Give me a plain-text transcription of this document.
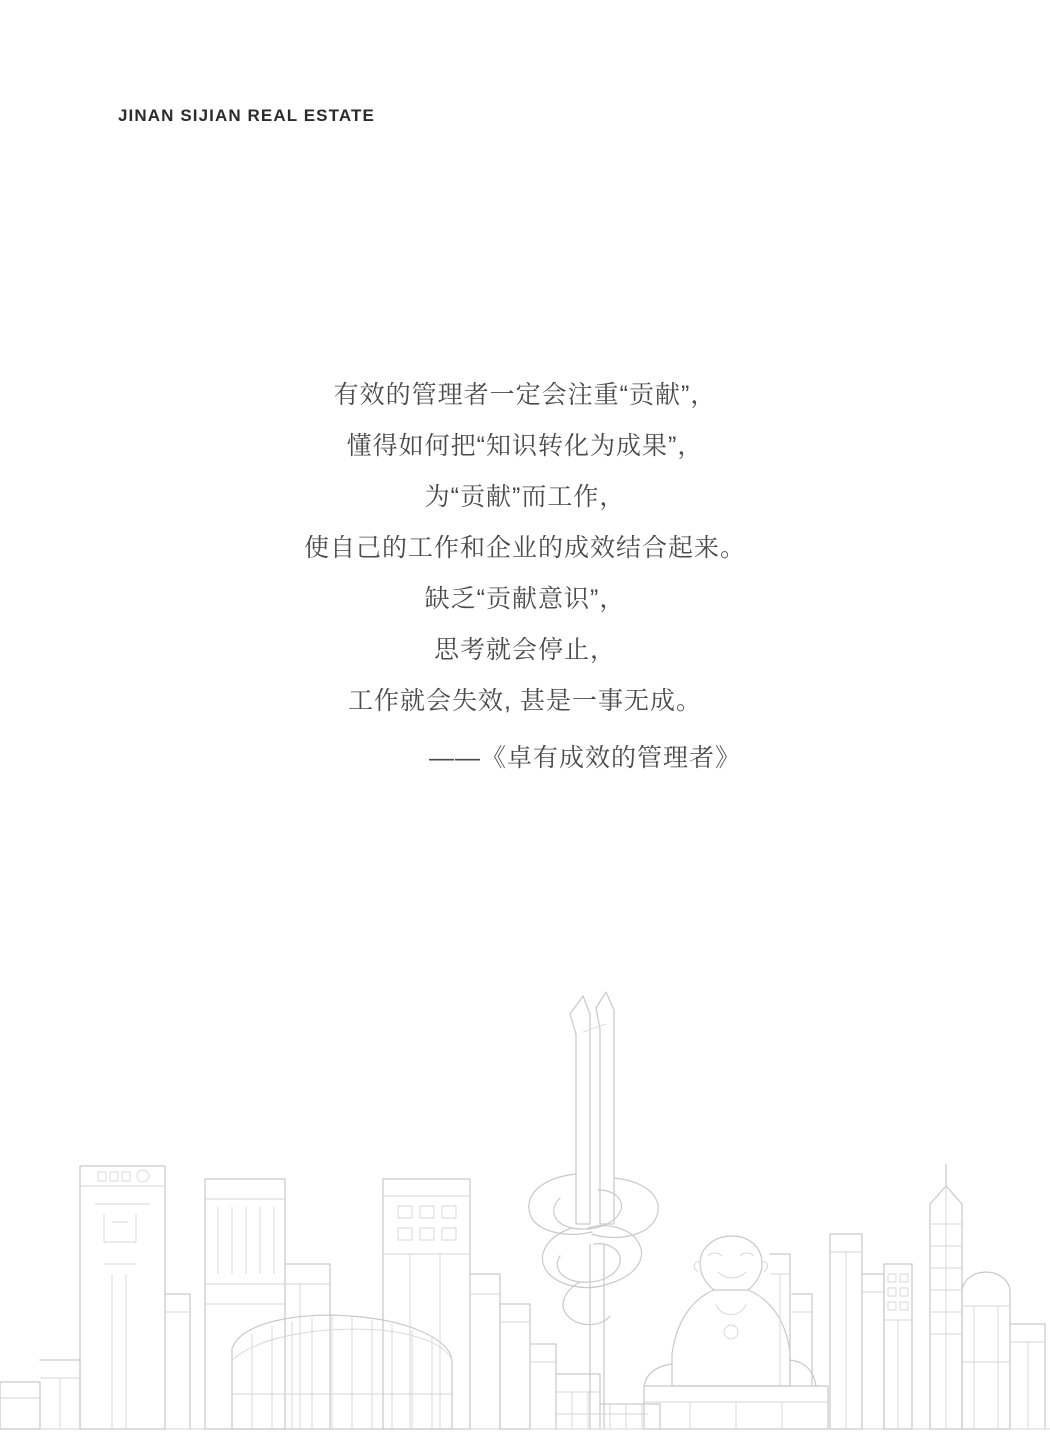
JINAN SIJIAN REAL ESTATE
有效的管理者一定会注重“贡献”，
懂得如何把“知识转化为成果”，
为“贡献”而工作，
使自己的工作和企业的成效结合起来。
缺乏“贡献意识”，
思考就会停止，
工作就会失效, 甚是一事无成。
——《卓有成效的管理者》
